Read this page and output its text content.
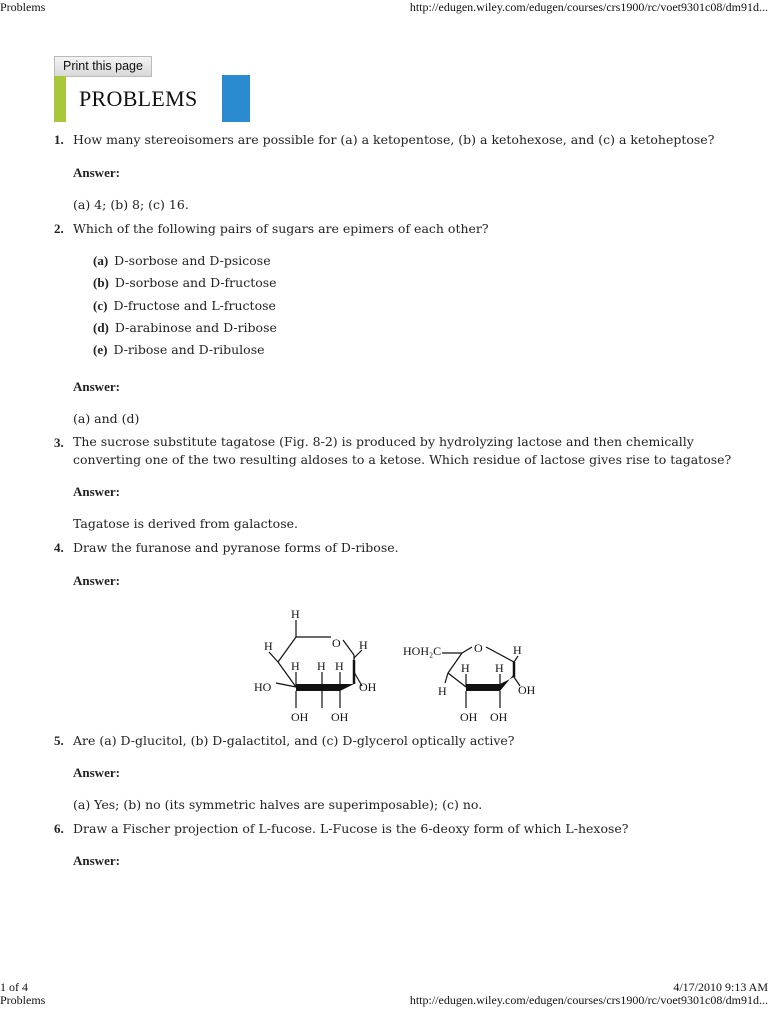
Problems	http://edugen.wiley.com/edugen/courses/crs1900/rc/voet9301c08/dm91d...
Print this page
PROBLEMS
1. How many stereoisomers are possible for (a) a ketopentose, (b) a ketohexose, and (c) a ketoheptose?
Answer:
(a) 4; (b) 8; (c) 16.
2. Which of the following pairs of sugars are epimers of each other?
(a) D-sorbose and D-psicose
(b) D-sorbose and D-fructose
(c) D-fructose and L-fructose
(d) D-arabinose and D-ribose
(e) D-ribose and D-ribulose
Answer:
(a) and (d)
3. The sucrose substitute tagatose (Fig. 8-2) is produced by hydrolyzing lactose and then chemically
converting one of the two resulting aldoses to a ketose. Which residue of lactose gives rise to tagatose?
Answer:
Tagatose is derived from galactose.
4. Draw the furanose and pyranose forms of D-ribose.
Answer:
H
H	O H
H H H
HO	OH
OH OH
HOH₂C	O	H
H
H H
OH
OH OH
5. Are (a) D-glucitol, (b) D-galactitol, and (c) D-glycerol optically active?
Answer:
(a) Yes; (b) no (its symmetric halves are superimposable); (c) no.
6. Draw a Fischer projection of L-fucose. L-Fucose is the 6-deoxy form of which L-hexose?
Answer:
1 of 4	4/17/2010 9:13 AM
Problems	http://edugen.wiley.com/edugen/courses/crs1900/rc/voet9301c08/dm91d...
